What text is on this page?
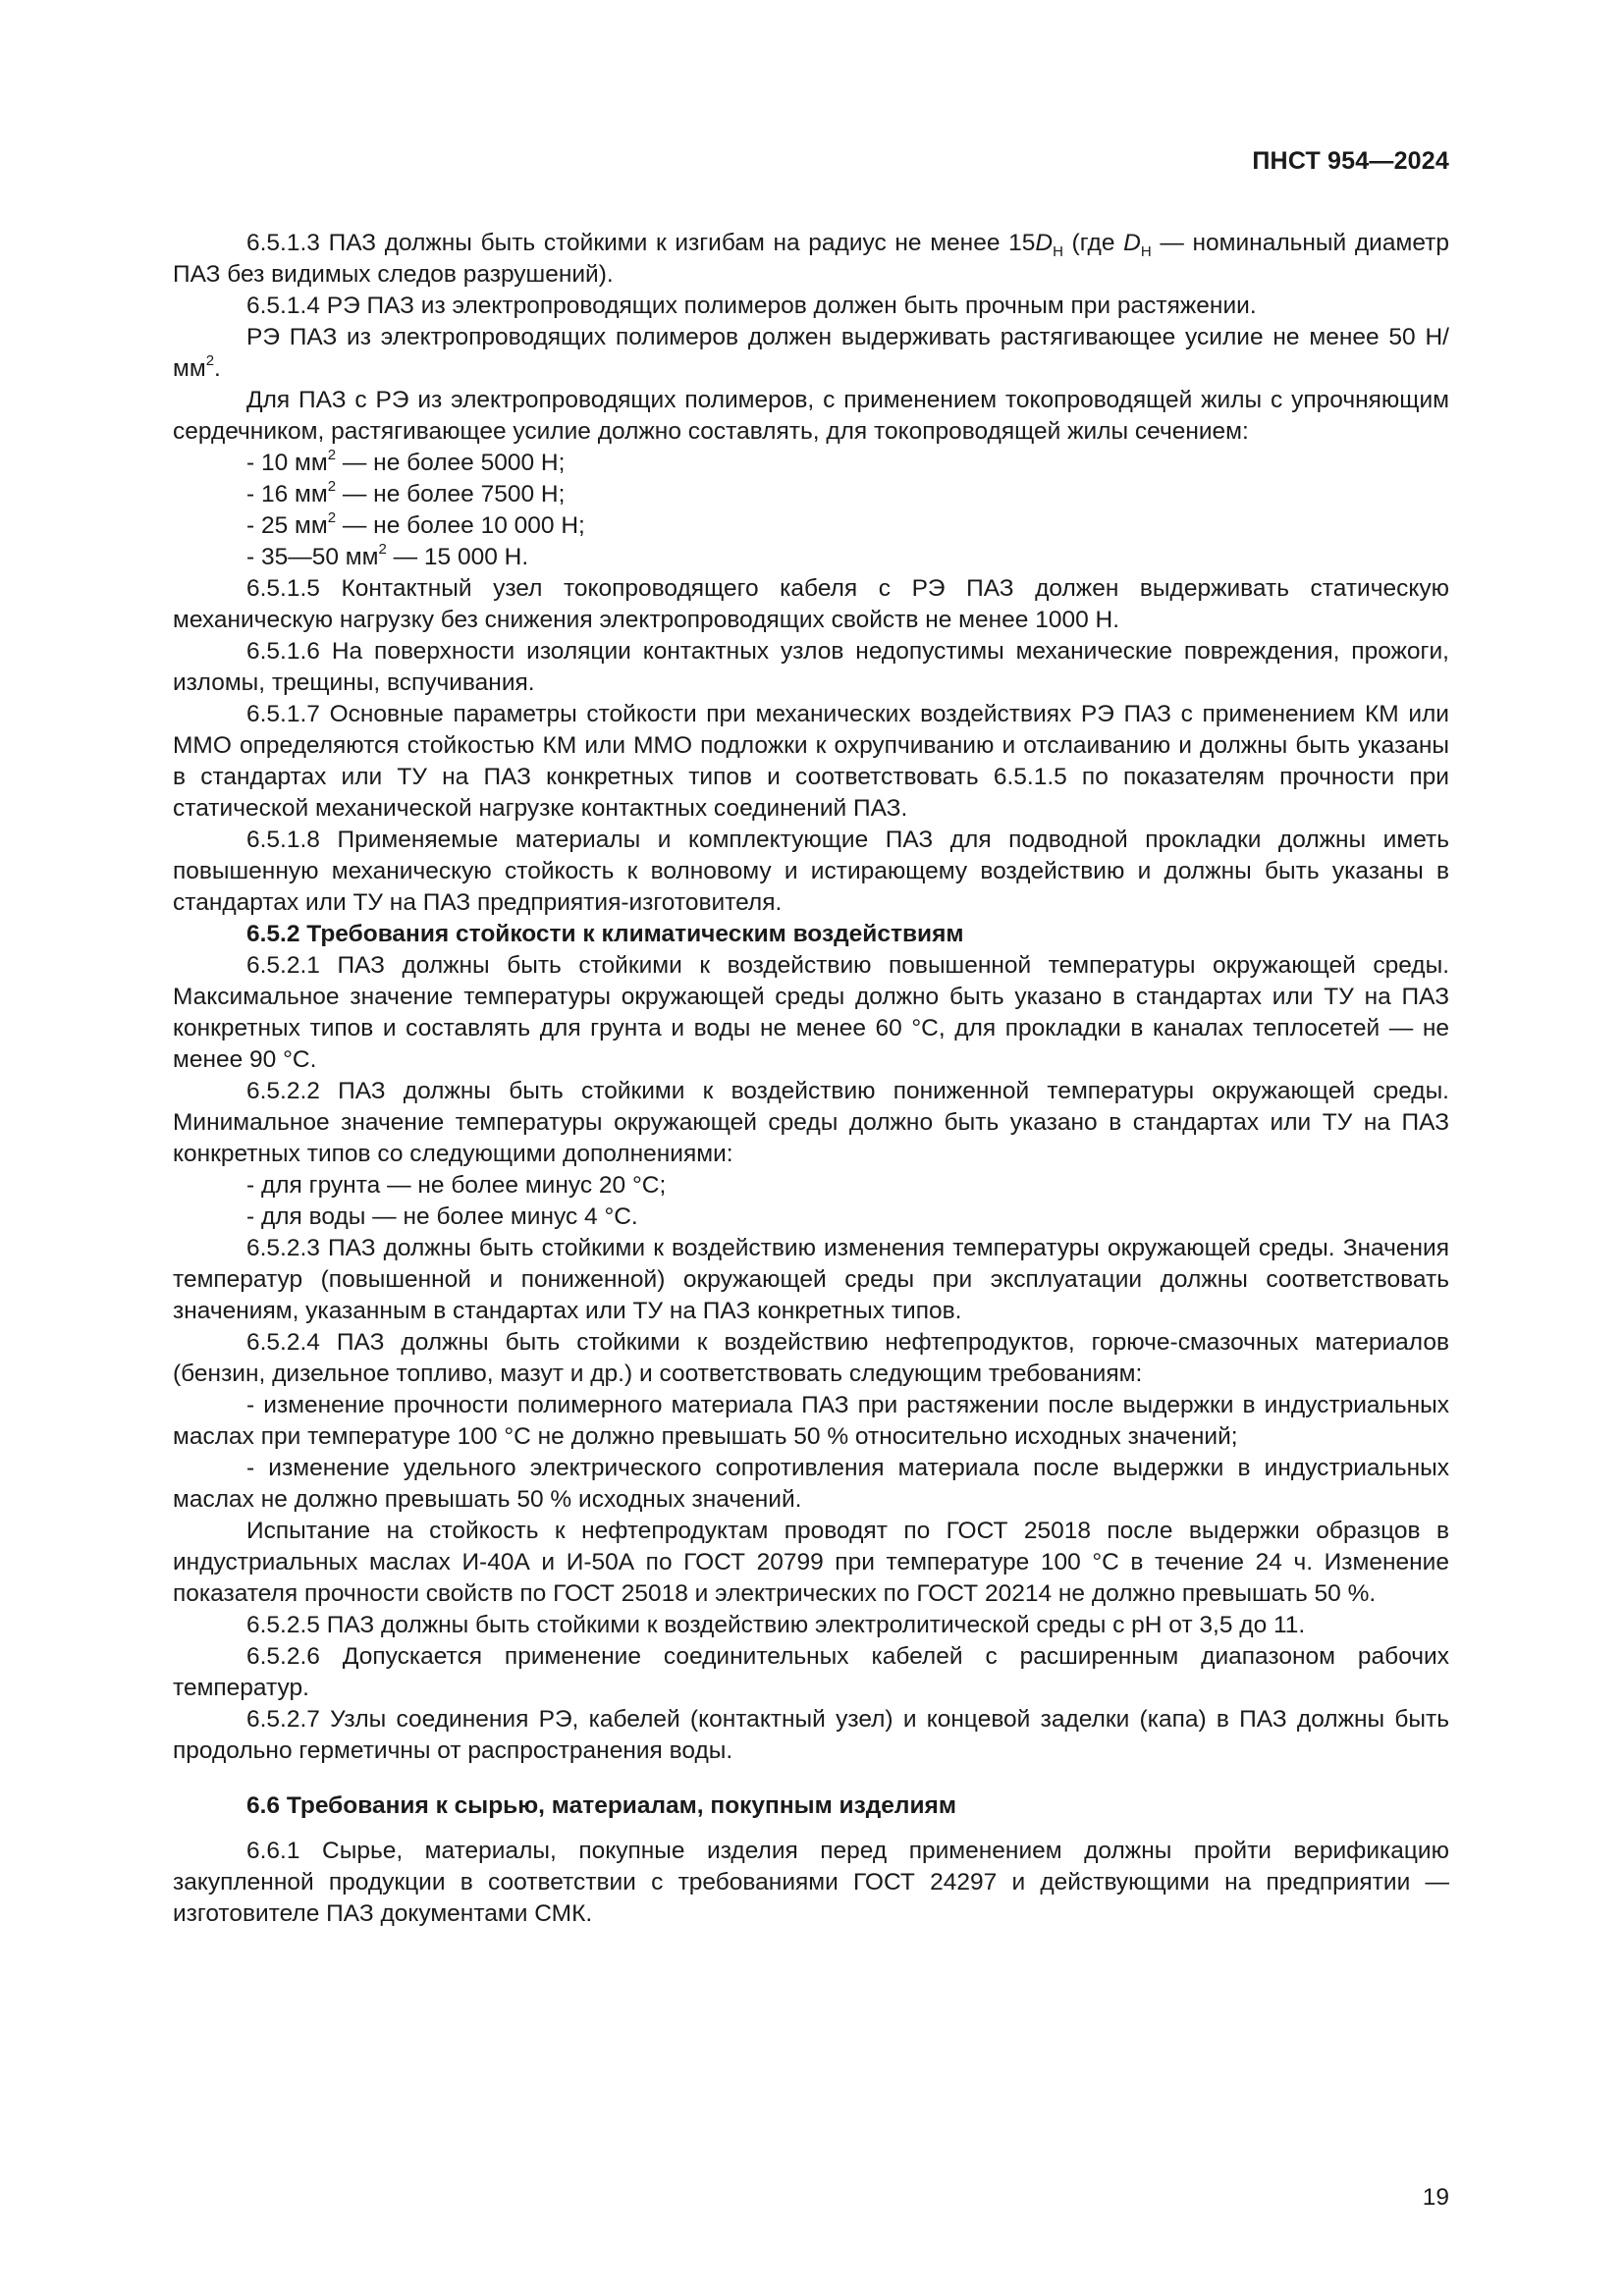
ПНСТ 954—2024

6.5.1.3 ПАЗ должны быть стойкими к изгибам на радиус не менее $15D_Н$ (где $D_Н$ — номинальный диаметр ПАЗ без видимых следов разрушений).

6.5.1.4 РЭ ПАЗ из электропроводящих полимеров должен быть прочным при растяжении.

РЭ ПАЗ из электропроводящих полимеров должен выдерживать растягивающее усилие не менее 50 $Н/мм^2$.

Для ПАЗ с РЭ из электропроводящих полимеров, с применением токопроводящей жилы с упрочняющим сердечником, растягивающее усилие должно составлять, для токопроводящей жилы сечением:

- 10 $мм^2$ — не более 5000 Н;

- 16 $мм^2$ — не более 7500 Н;

- 25 $мм^2$ — не более 10 000 Н;

- 35—50 $мм^2$ — 15 000 Н.

6.5.1.5 Контактный узел токопроводящего кабеля с РЭ ПАЗ должен выдерживать статическую механическую нагрузку без снижения электропроводящих свойств не менее 1000 Н.

6.5.1.6 На поверхности изоляции контактных узлов недопустимы механические повреждения, прожоги, изломы, трещины, вспучивания.

6.5.1.7 Основные параметры стойкости при механических воздействиях РЭ ПАЗ с применением КМ или ММО определяются стойкостью КМ или ММО подложки к охрупчиванию и отслаиванию и должны быть указаны в стандартах или ТУ на ПАЗ конкретных типов и соответствовать 6.5.1.5 по показателям прочности при статической механической нагрузке контактных соединений ПАЗ.

6.5.1.8 Применяемые материалы и комплектующие ПАЗ для подводной прокладки должны иметь повышенную механическую стойкость к волновому и истирающему воздействию и должны быть указаны в стандартах или ТУ на ПАЗ предприятия-изготовителя.

6.5.2 Требования стойкости к климатическим воздействиям

6.5.2.1 ПАЗ должны быть стойкими к воздействию повышенной температуры окружающей среды. Максимальное значение температуры окружающей среды должно быть указано в стандартах или ТУ на ПАЗ конкретных типов и составлять для грунта и воды не менее 60 °С, для прокладки в каналах теплосетей — не менее 90 °С.

6.5.2.2 ПАЗ должны быть стойкими к воздействию пониженной температуры окружающей среды. Минимальное значение температуры окружающей среды должно быть указано в стандартах или ТУ на ПАЗ конкретных типов со следующими дополнениями:

- для грунта — не более минус 20 °С;

- для воды — не более минус 4 °С.

6.5.2.3 ПАЗ должны быть стойкими к воздействию изменения температуры окружающей среды. Значения температур (повышенной и пониженной) окружающей среды при эксплуатации должны соответствовать значениям, указанным в стандартах или ТУ на ПАЗ конкретных типов.

6.5.2.4 ПАЗ должны быть стойкими к воздействию нефтепродуктов, горюче-смазочных материалов (бензин, дизельное топливо, мазут и др.) и соответствовать следующим требованиям:

- изменение прочности полимерного материала ПАЗ при растяжении после выдержки в индустриальных маслах при температуре 100 °С не должно превышать 50 % относительно исходных значений;

- изменение удельного электрического сопротивления материала после выдержки в индустриальных маслах не должно превышать 50 % исходных значений.

Испытание на стойкость к нефтепродуктам проводят по ГОСТ 25018 после выдержки образцов в индустриальных маслах И-40А и И-50А по ГОСТ 20799 при температуре 100 °С в течение 24 ч. Изменение показателя прочности свойств по ГОСТ 25018 и электрических по ГОСТ 20214 не должно превышать 50 %.

6.5.2.5 ПАЗ должны быть стойкими к воздействию электролитической среды с рН от 3,5 до 11.

6.5.2.6 Допускается применение соединительных кабелей с расширенным диапазоном рабочих температур.

6.5.2.7 Узлы соединения РЭ, кабелей (контактный узел) и концевой заделки (капа) в ПАЗ должны быть продольно герметичны от распространения воды.

6.6 Требования к сырью, материалам, покупным изделиям

6.6.1 Сырье, материалы, покупные изделия перед применением должны пройти верификацию закупленной продукции в соответствии с требованиями ГОСТ 24297 и действующими на предприятии — изготовителе ПАЗ документами СМК.

19
